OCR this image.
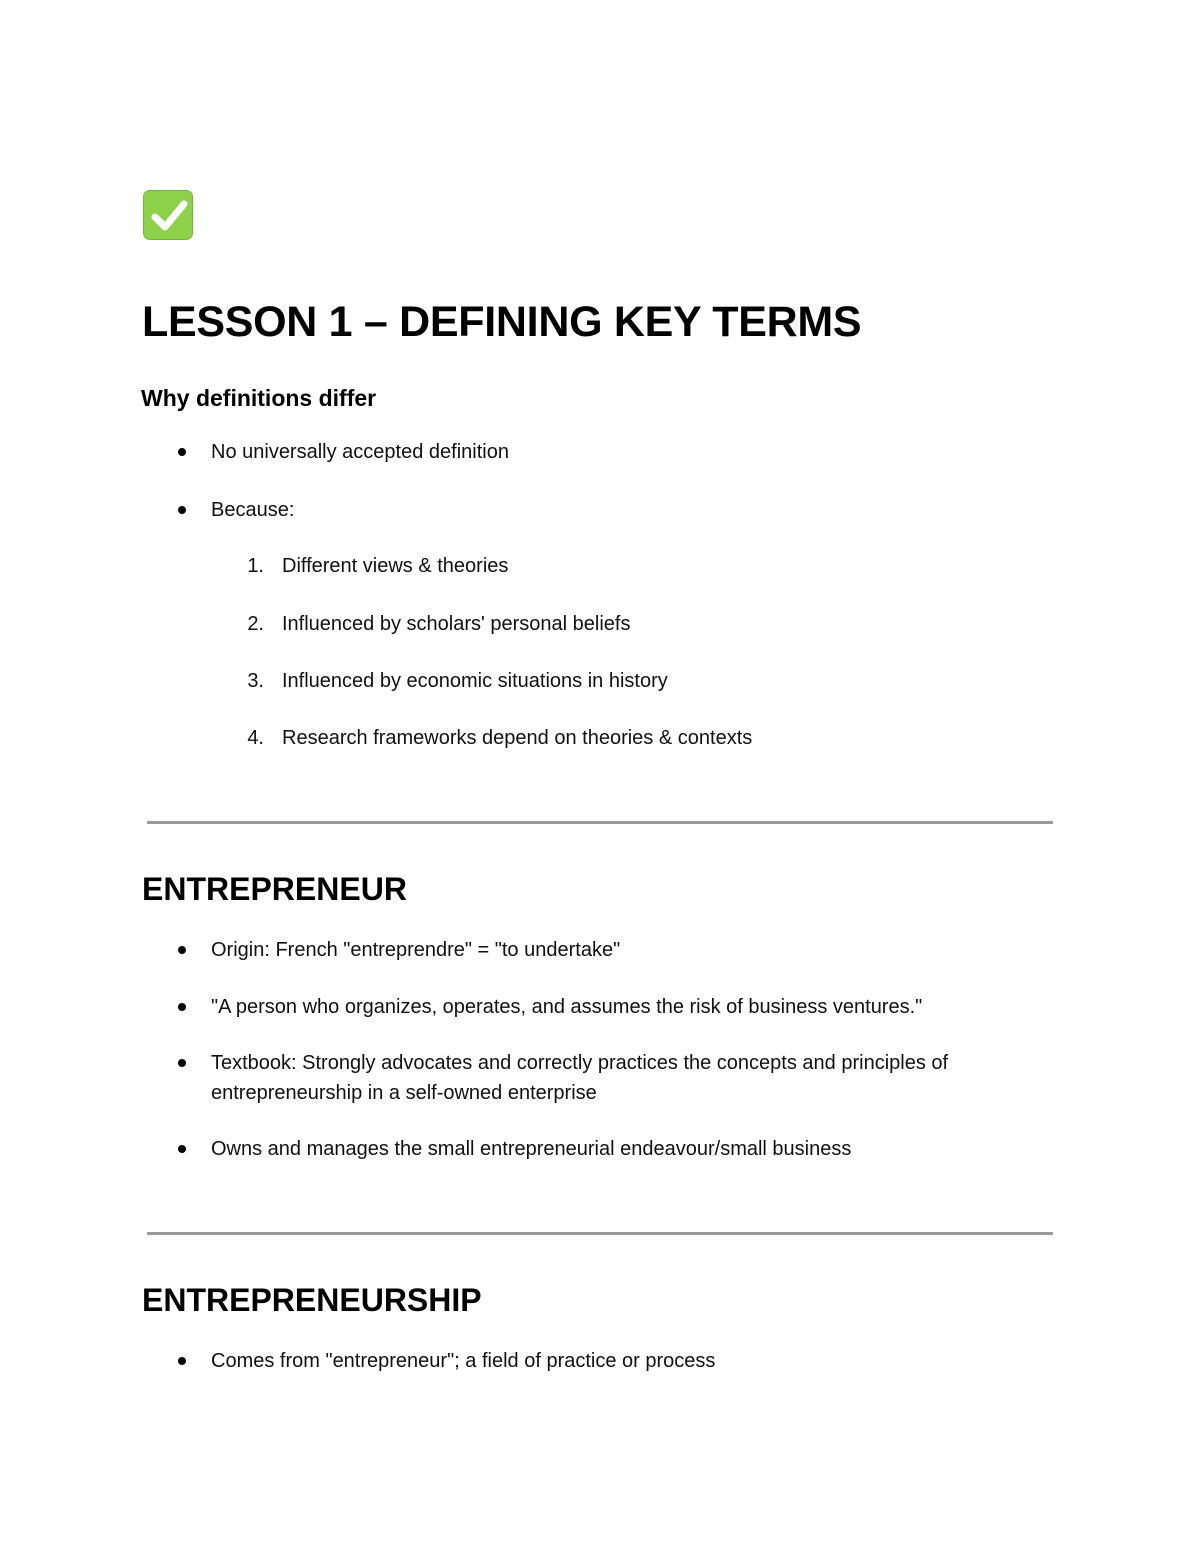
LESSON 1 – DEFINING KEY TERMS
Why definitions differ
No universally accepted definition
Because:
1. Different views & theories
2. Influenced by scholars' personal beliefs
3. Influenced by economic situations in history
4. Research frameworks depend on theories & contexts
ENTREPRENEUR
Origin: French "entreprendre" = "to undertake"
"A person who organizes, operates, and assumes the risk of business ventures."
Textbook: Strongly advocates and correctly practices the concepts and principles of
entrepreneurship in a self-owned enterprise
Owns and manages the small entrepreneurial endeavour/small business
ENTREPRENEURSHIP
Comes from "entrepreneur"; a field of practice or process
